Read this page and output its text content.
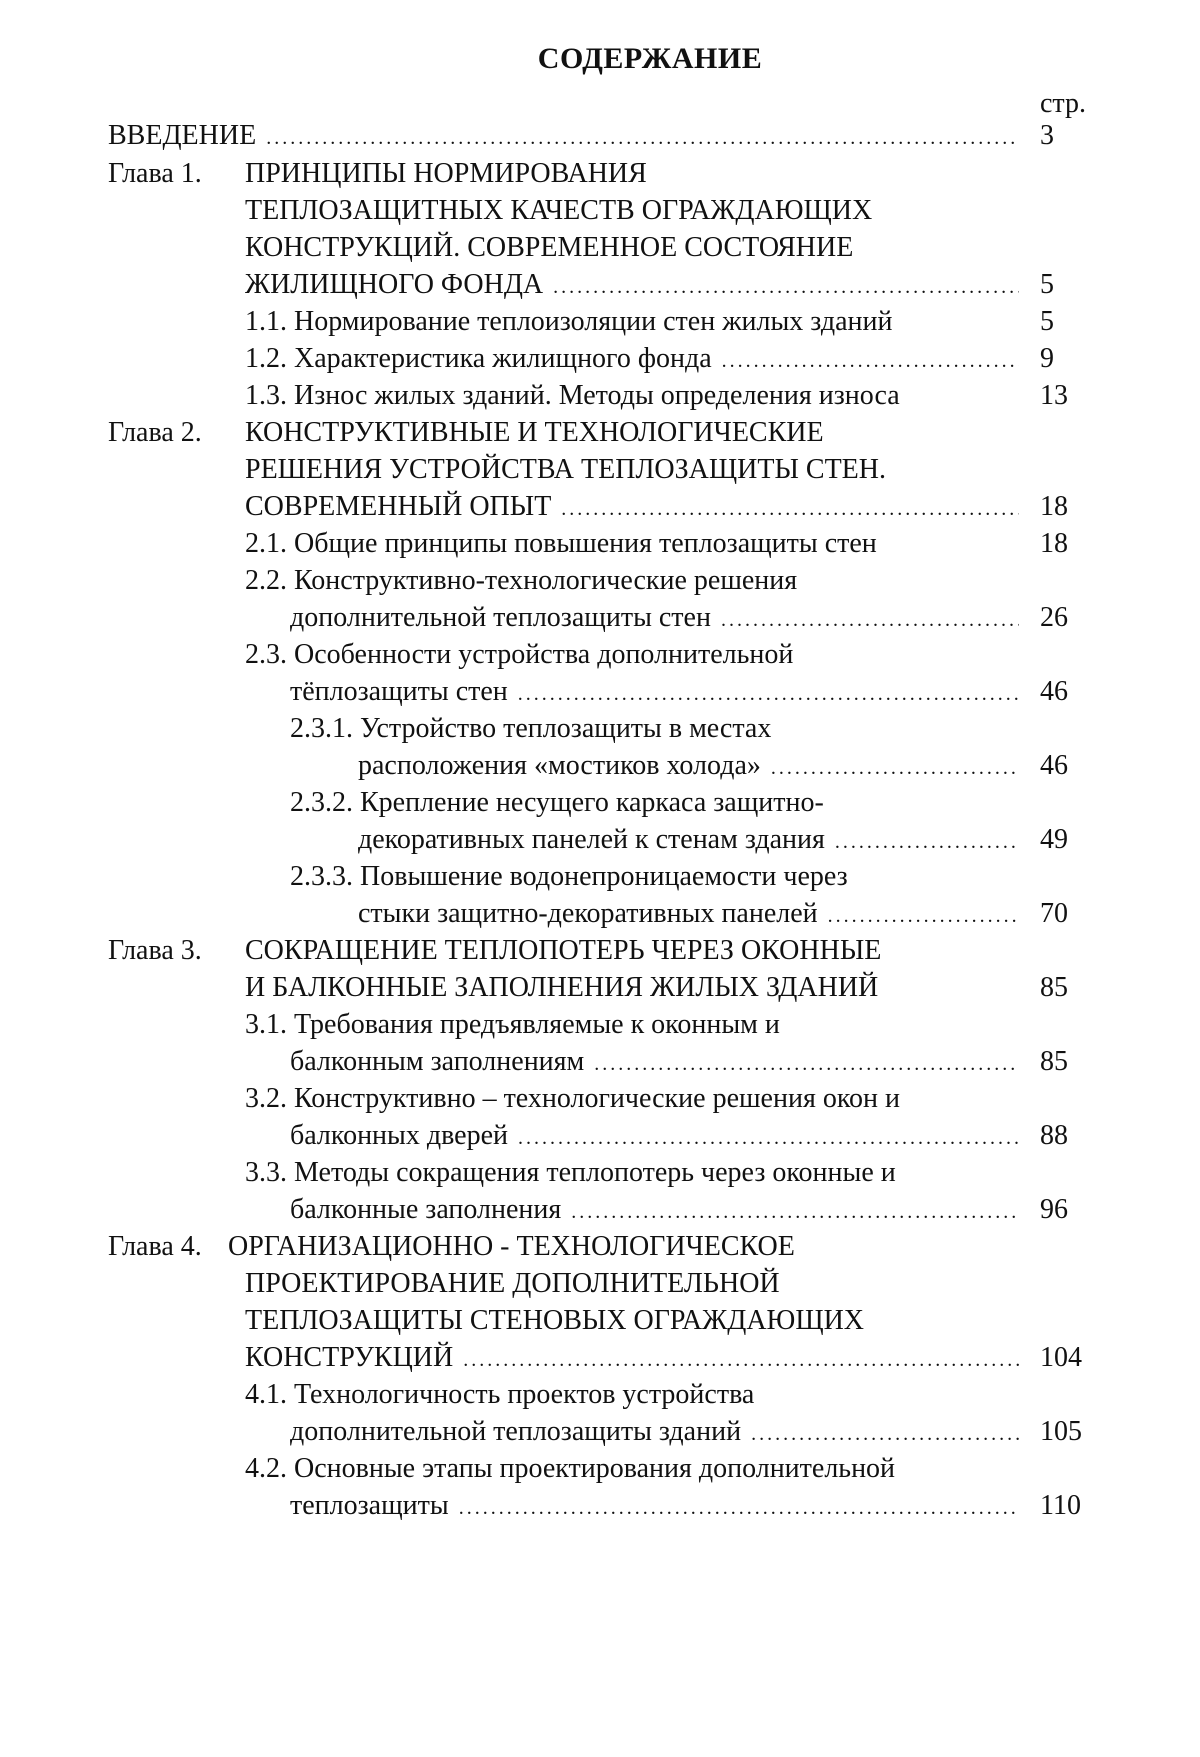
СОДЕРЖАНИЕ
стр.
ВВЕДЕНИЕ .....	3
Глава 1. ПРИНЦИПЫ НОРМИРОВАНИЯ
ТЕПЛОЗАЩИТНЫХ КАЧЕСТВ ОГРАЖДАЮЩИХ
КОНСТРУКЦИЙ. СОВРЕМЕННОЕ СОСТОЯНИЕ
ЖИЛИЩНОГО ФОНДА .....	5
1.1. Нормирование теплоизоляции стен жилых зданий	5
1.2. Характеристика жилищного фонда .....	9
1.3. Износ жилых зданий. Методы определения износа	13
Глава 2. КОНСТРУКТИВНЫЕ И ТЕХНОЛОГИЧЕСКИЕ
РЕШЕНИЯ УСТРОЙСТВА ТЕПЛОЗАЩИТЫ СТЕН.
СОВРЕМЕННЫЙ ОПЫТ .....	18
2.1. Общие принципы повышения теплозащиты стен	18
2.2. Конструктивно-технологические решения
дополнительной теплозащиты стен .....	26
2.3. Особенности устройства дополнительной
тёплозащиты стен .....	46
2.3.1. Устройство теплозащиты в местах
расположения «мостиков холода» .....	46
2.3.2. Крепление несущего каркаса защитно-
декоративных панелей к стенам здания .....	49
2.3.3. Повышение водонепроницаемости через
стыки защитно-декоративных панелей .....	70
Глава 3. СОКРАЩЕНИЕ ТЕПЛОПОТЕРЬ ЧЕРЕЗ ОКОННЫЕ
И БАЛКОННЫЕ ЗАПОЛНЕНИЯ ЖИЛЫХ ЗДАНИЙ	85
3.1. Требования предъявляемые к оконным и
балконным заполнениям .....	85
3.2. Конструктивно – технологические решения окон и
балконных дверей .....	88
3.3. Методы сокращения теплопотерь через оконные и
балконные заполнения .....	96
Глава 4. ОРГАНИЗАЦИОННО - ТЕХНОЛОГИЧЕСКОЕ
ПРОЕКТИРОВАНИЕ ДОПОЛНИТЕЛЬНОЙ
ТЕПЛОЗАЩИТЫ СТЕНОВЫХ ОГРАЖДАЮЩИХ
КОНСТРУКЦИЙ .....	104
4.1. Технологичность проектов устройства
дополнительной теплозащиты зданий .....	105
4.2. Основные этапы проектирования дополнительной
теплозащиты .....	110
